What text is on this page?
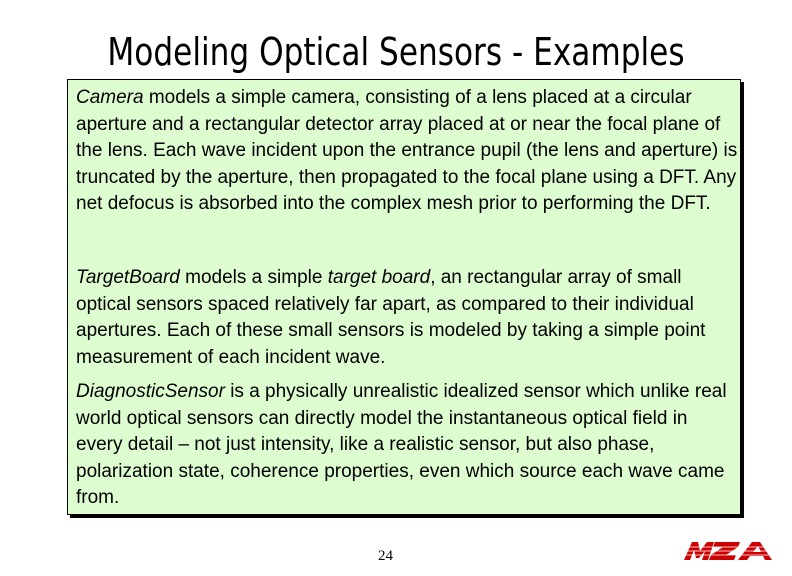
Modeling Optical Sensors - Examples

Camera models a simple camera, consisting of a lens placed at a circular aperture and a rectangular detector array placed at or near the focal plane of the lens. Each wave incident upon the entrance pupil (the lens and aperture) is truncated by the aperture, then propagated to the focal plane using a DFT. Any net defocus is absorbed into the complex mesh prior to performing the DFT.

TargetBoard models a simple target board, an rectangular array of small optical sensors spaced relatively far apart, as compared to their individual apertures. Each of these small sensors is modeled by taking a simple point measurement of each incident wave.

DiagnosticSensor is a physically unrealistic idealized sensor which unlike real world optical sensors can directly model the instantaneous optical field in every detail – not just intensity, like a realistic sensor, but also phase, polarization state, coherence properties, even which source each wave came from.

24
